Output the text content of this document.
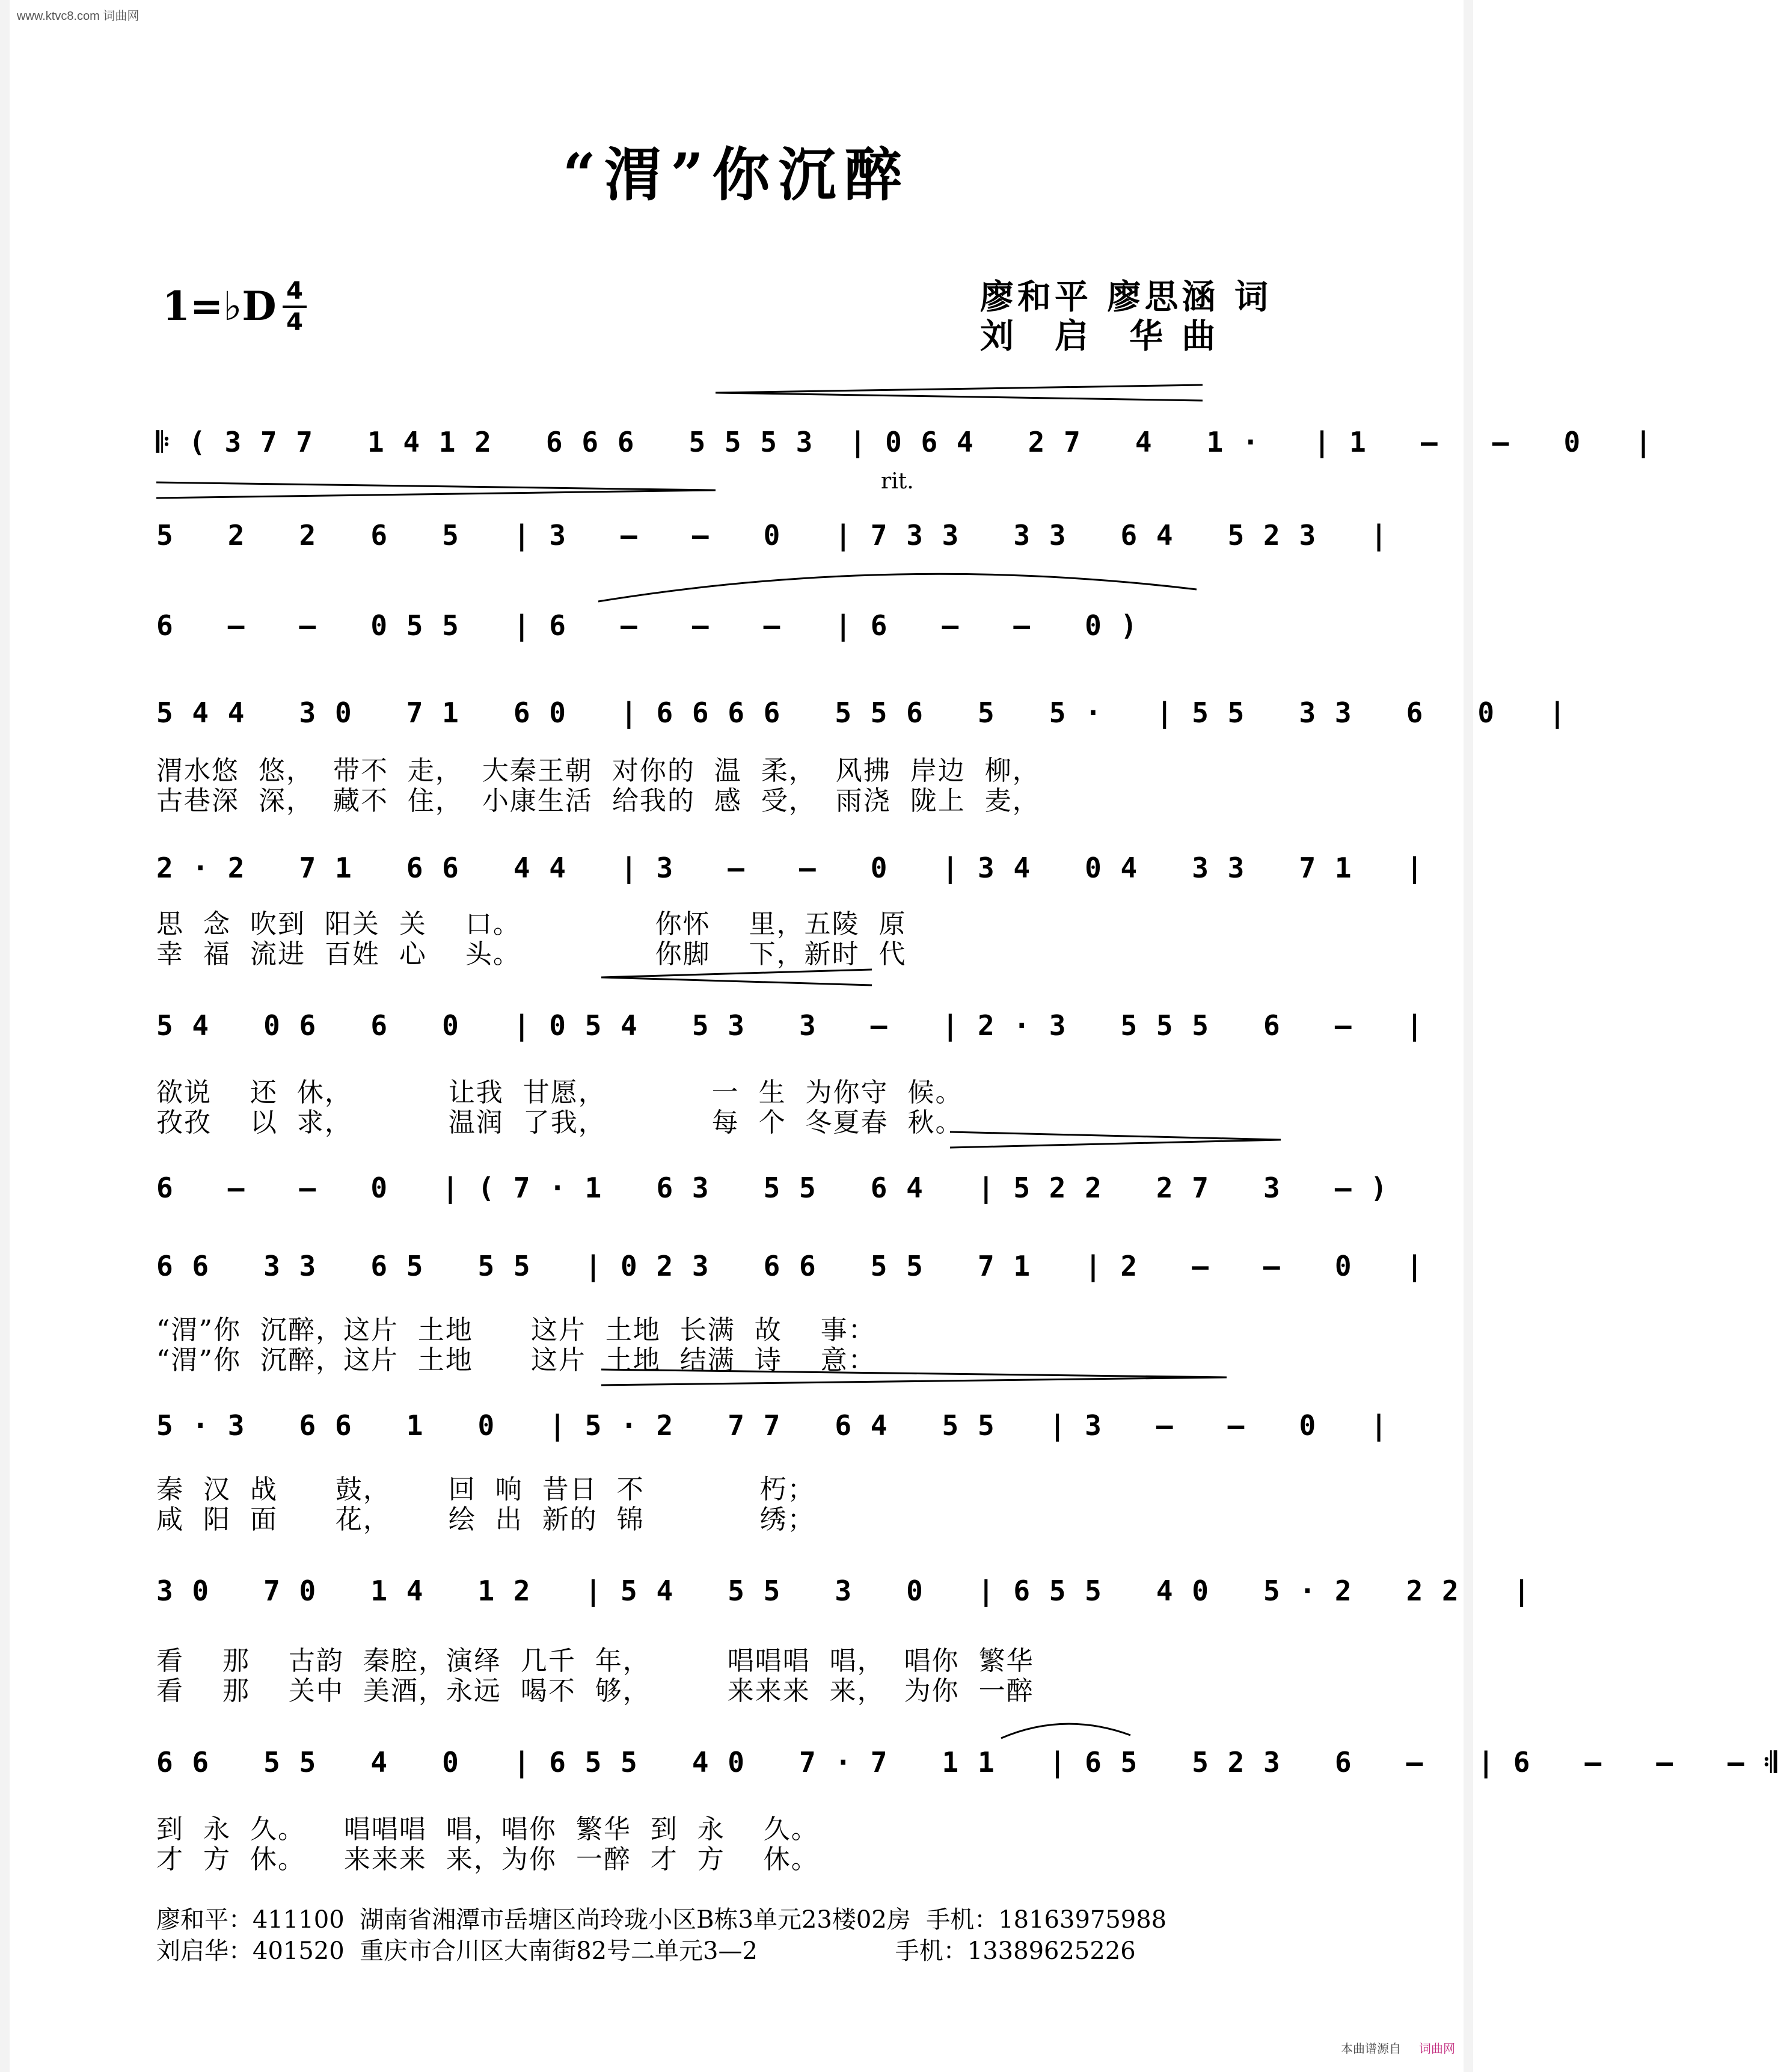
www.ktvc8.com 词曲网
本曲谱源自 词曲网
“渭”你沉醉
1=♭D 4
4
廖和平 廖思涵 词
刘　启　华 曲
𝄆 ( 3 7 7   1 4 1 2   6 6 6   5 5 5 3  | 0 6 4   2 7   4   1 ·   | 1   –   –   0   |
rit.
5   2   2   6   5   | 3   –   –   0   | 7 3 3   3 3   6 4   5 2 3   |
6   –   –   0 5 5   | 6   –   –   –   | 6   –   –   0 )
5 4 4   3 0   7 1   6 0   | 6 6 6 6   5 5 6   5   5 ·   | 5 5   3 3   6   0   |
渭水悠  悠，  带不  走，  大秦王朝  对你的  温  柔，  风拂  岸边  柳，
古巷深  深，  藏不  住，  小康生活  给我的  感  受，  雨浇  陇上  麦，
2 · 2   7 1   6 6   4 4   | 3   –   –   0   | 3 4   0 4   3 3   7 1   |
思  念  吹到  阳关  关    口。              你怀    里，五陵  原
幸  福  流进  百姓  心    头。              你脚    下，新时  代
5 4   0 6   6   0   | 0 5 4   5 3   3   –   | 2 · 3   5 5 5   6   –   |
欲说    还  休，          让我  甘愿，           一  生  为你守  候。
孜孜    以  求，          温润  了我，           每  个  冬夏春  秋。
6   –   –   0   | ( 7 · 1   6 3   5 5   6 4   | 5 2 2   2 7   3   – )
6 6   3 3   6 5   5 5   | 0 2 3   6 6   5 5   7 1   | 2   –   –   0   |
“渭”你  沉醉，这片  土地      这片  土地  长满  故    事：
“渭”你  沉醉，这片  土地      这片  土地  结满  诗    意：
5 · 3   6 6   1   0   | 5 · 2   7 7   6 4   5 5   | 3   –   –   0   |
秦  汉  战      鼓，      回  响  昔日  不            朽；
咸  阳  面      花，      绘  出  新的  锦            绣；
3 0   7 0   1 4   1 2   | 5 4   5 5   3   0   | 6 5 5   4 0   5 · 2   2 2   |
看    那    古韵  秦腔，演绎  几千  年，        唱唱唱  唱，  唱你  繁华
看    那    关中  美酒，永远  喝不  够，        来来来  来，  为你  一醉
6 6   5 5   4   0   | 6 5 5   4 0   7 · 7   1 1   | 6 5   5 2 3   6   –   | 6   –   –   – 𝄇
到  永  久。    唱唱唱  唱，唱你  繁华  到  永    久。
才  方  休。    来来来  来，为你  一醉  才  方    休。
廖和平：411100  湖南省湘潭市岳塘区尚玲珑小区B栋3单元23楼02房  手机：18163975988
刘启华：401520  重庆市合川区大南街82号二单元3—2                  手机：13389625226
